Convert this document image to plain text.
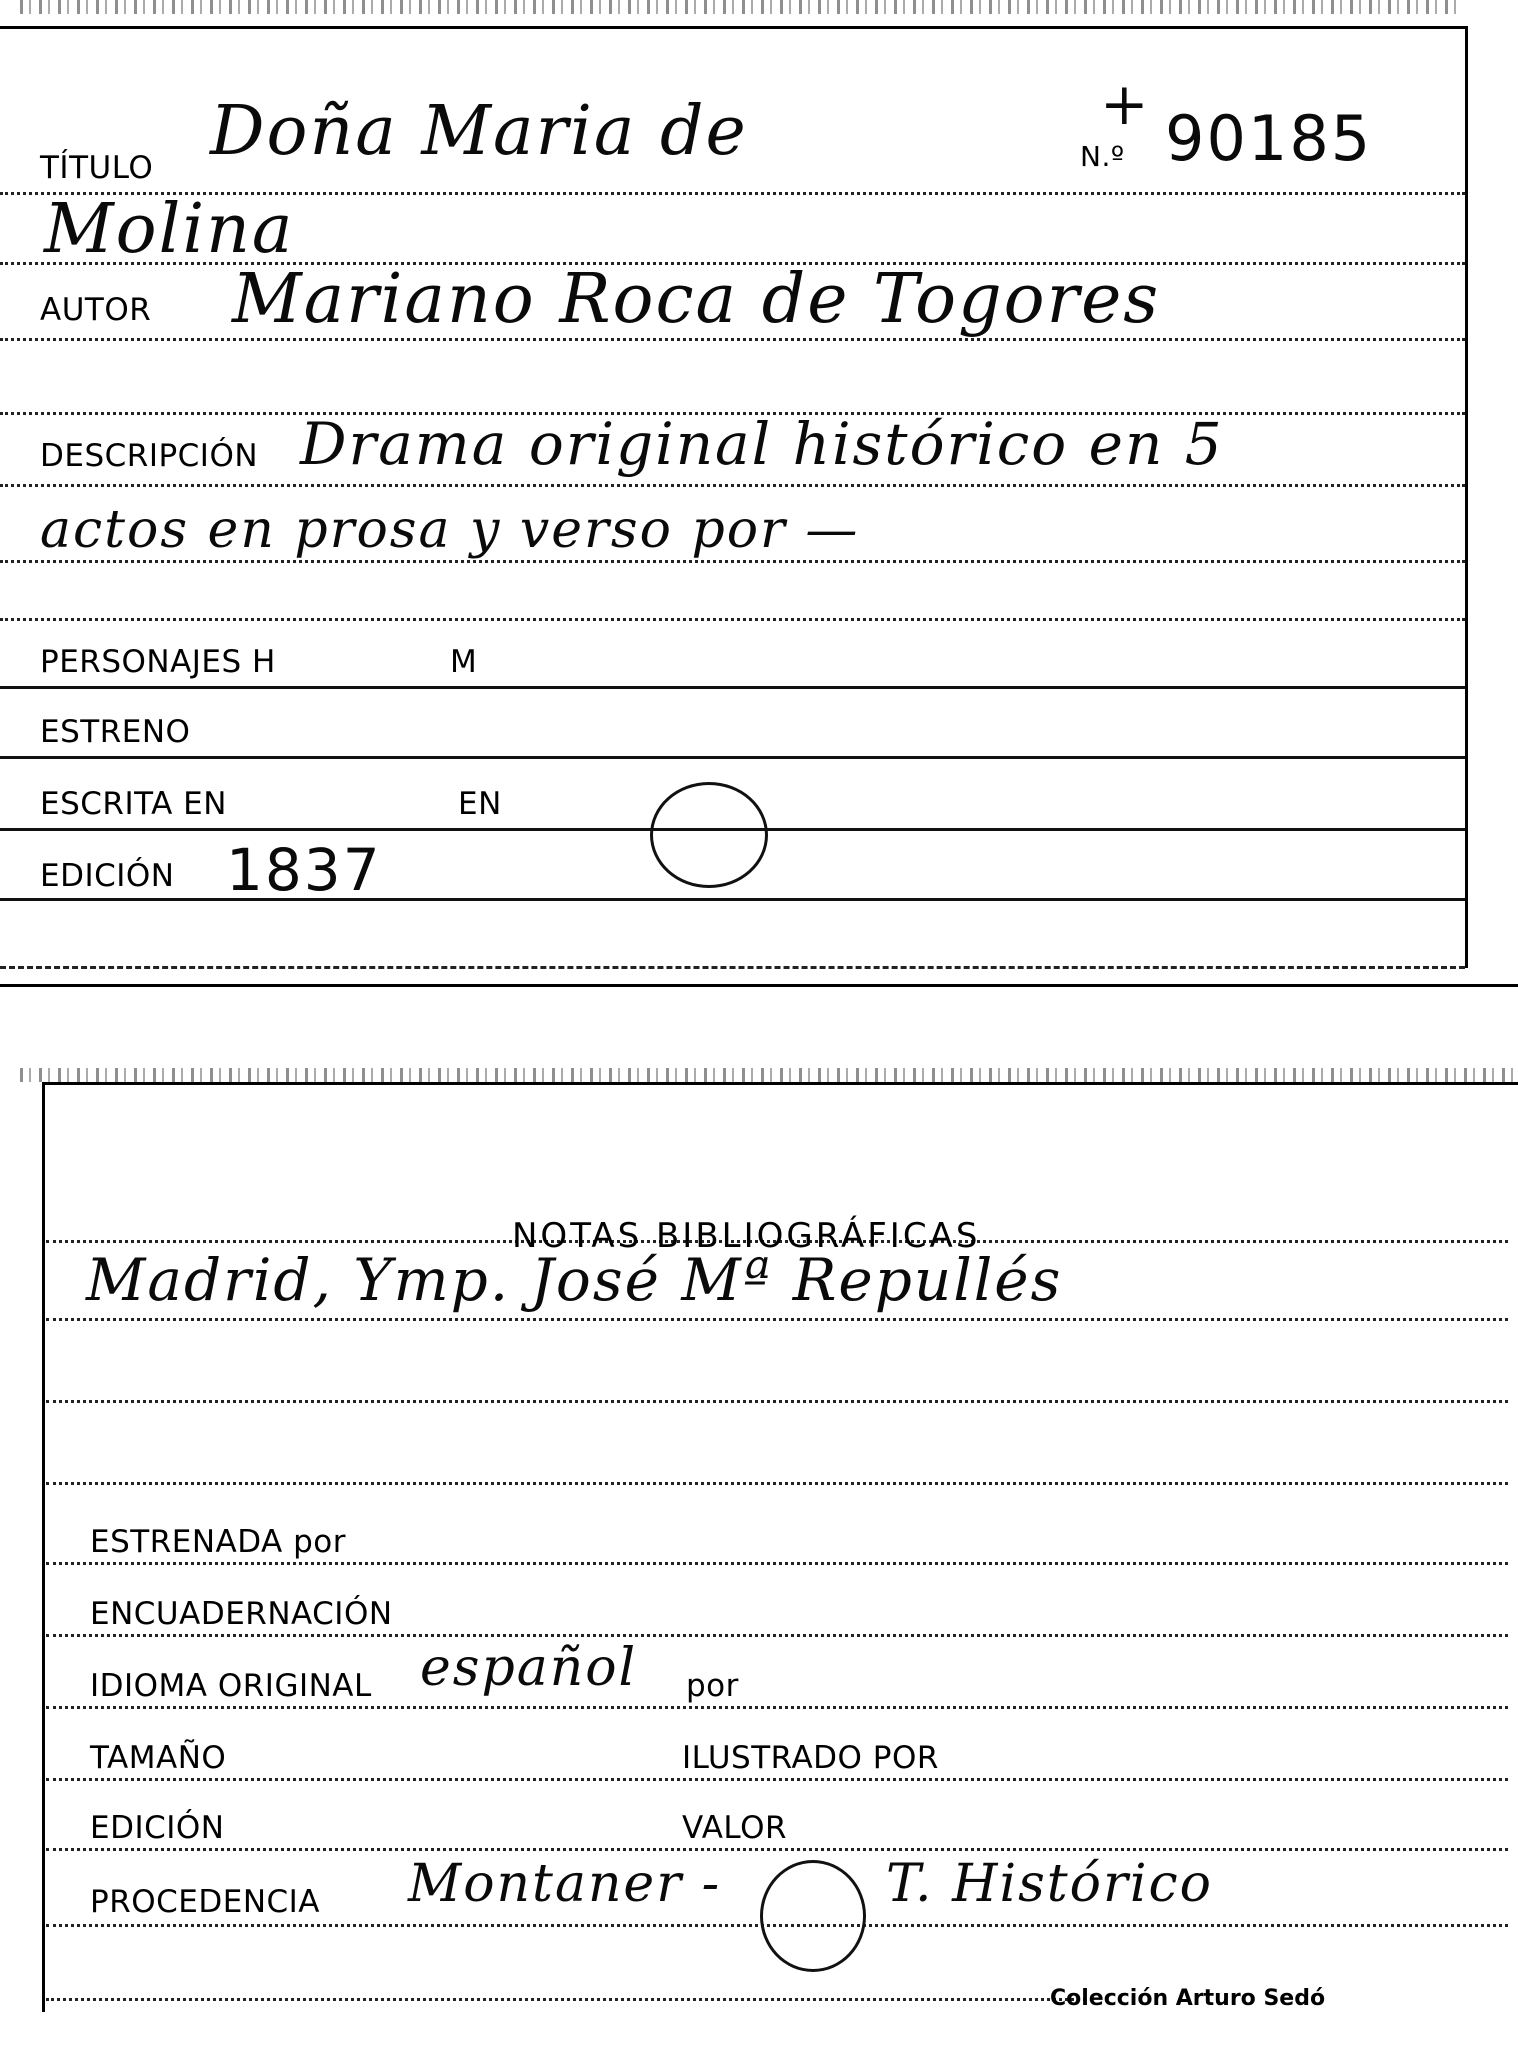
TÍTULO Doña Maria de	N.º
+ 90185
Molina
AUTOR Mariano Roca de Togores
DESCRIPCIÓN Drama original histórico en 5
actos en prosa y verso por —
PERSONAJES H	M
ESTRENO
ESCRITA EN	EN
EDICIÓN 1837
NOTAS BIBLIOGRÁFICAS
Madrid, Ymp. José Mª Repullés
ESTRENADA por
ENCUADERNACIÓN
IDIOMA ORIGINAL español por
TAMAÑO	ILUSTRADO POR
EDICIÓN	VALOR
PROCEDENCIA Montaner -	T. Histórico
Colección Arturo Sedó
